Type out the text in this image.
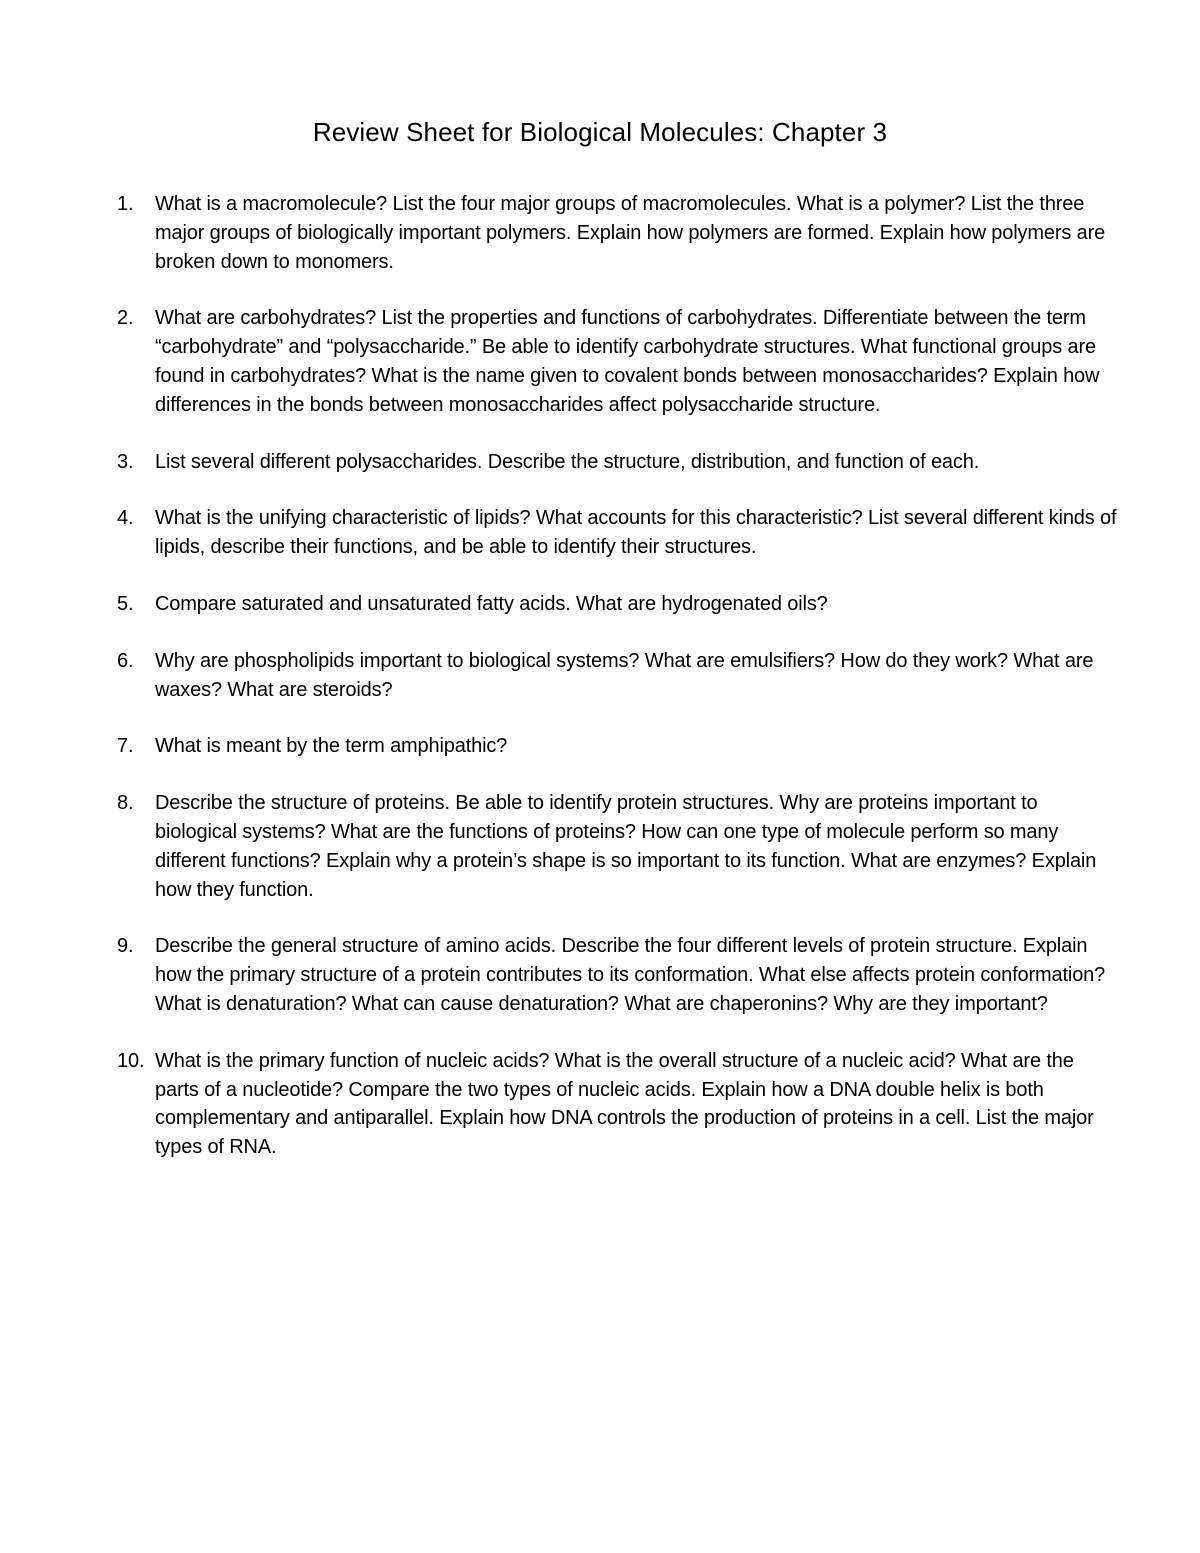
Review Sheet for Biological Molecules: Chapter 3
1.	What is a macromolecule? List the four major groups of macromolecules. What is a polymer? List the three major groups of biologically important polymers. Explain how polymers are formed. Explain how polymers are broken down to monomers.
2.	What are carbohydrates? List the properties and functions of carbohydrates. Differentiate between the term “carbohydrate” and “polysaccharide.” Be able to identify carbohydrate structures. What functional groups are found in carbohydrates? What is the name given to covalent bonds between monosaccharides? Explain how differences in the bonds between monosaccharides affect polysaccharide structure.
3.	List several different polysaccharides. Describe the structure, distribution, and function of each.
4.	What is the unifying characteristic of lipids? What accounts for this characteristic? List several different kinds of lipids, describe their functions, and be able to identify their structures.
5.	Compare saturated and unsaturated fatty acids. What are hydrogenated oils?
6.	Why are phospholipids important to biological systems? What are emulsifiers? How do they work? What are waxes? What are steroids?
7.	What is meant by the term amphipathic?
8.	Describe the structure of proteins. Be able to identify protein structures. Why are proteins important to biological systems? What are the functions of proteins? How can one type of molecule perform so many different functions? Explain why a protein’s shape is so important to its function. What are enzymes? Explain how they function.
9.	Describe the general structure of amino acids. Describe the four different levels of protein structure. Explain how the primary structure of a protein contributes to its conformation. What else affects protein conformation? What is denaturation? What can cause denaturation? What are chaperonins? Why are they important?
10. What is the primary function of nucleic acids? What is the overall structure of a nucleic acid? What are the parts of a nucleotide? Compare the two types of nucleic acids. Explain how a DNA double helix is both complementary and antiparallel. Explain how DNA controls the production of proteins in a cell. List the major types of RNA.
